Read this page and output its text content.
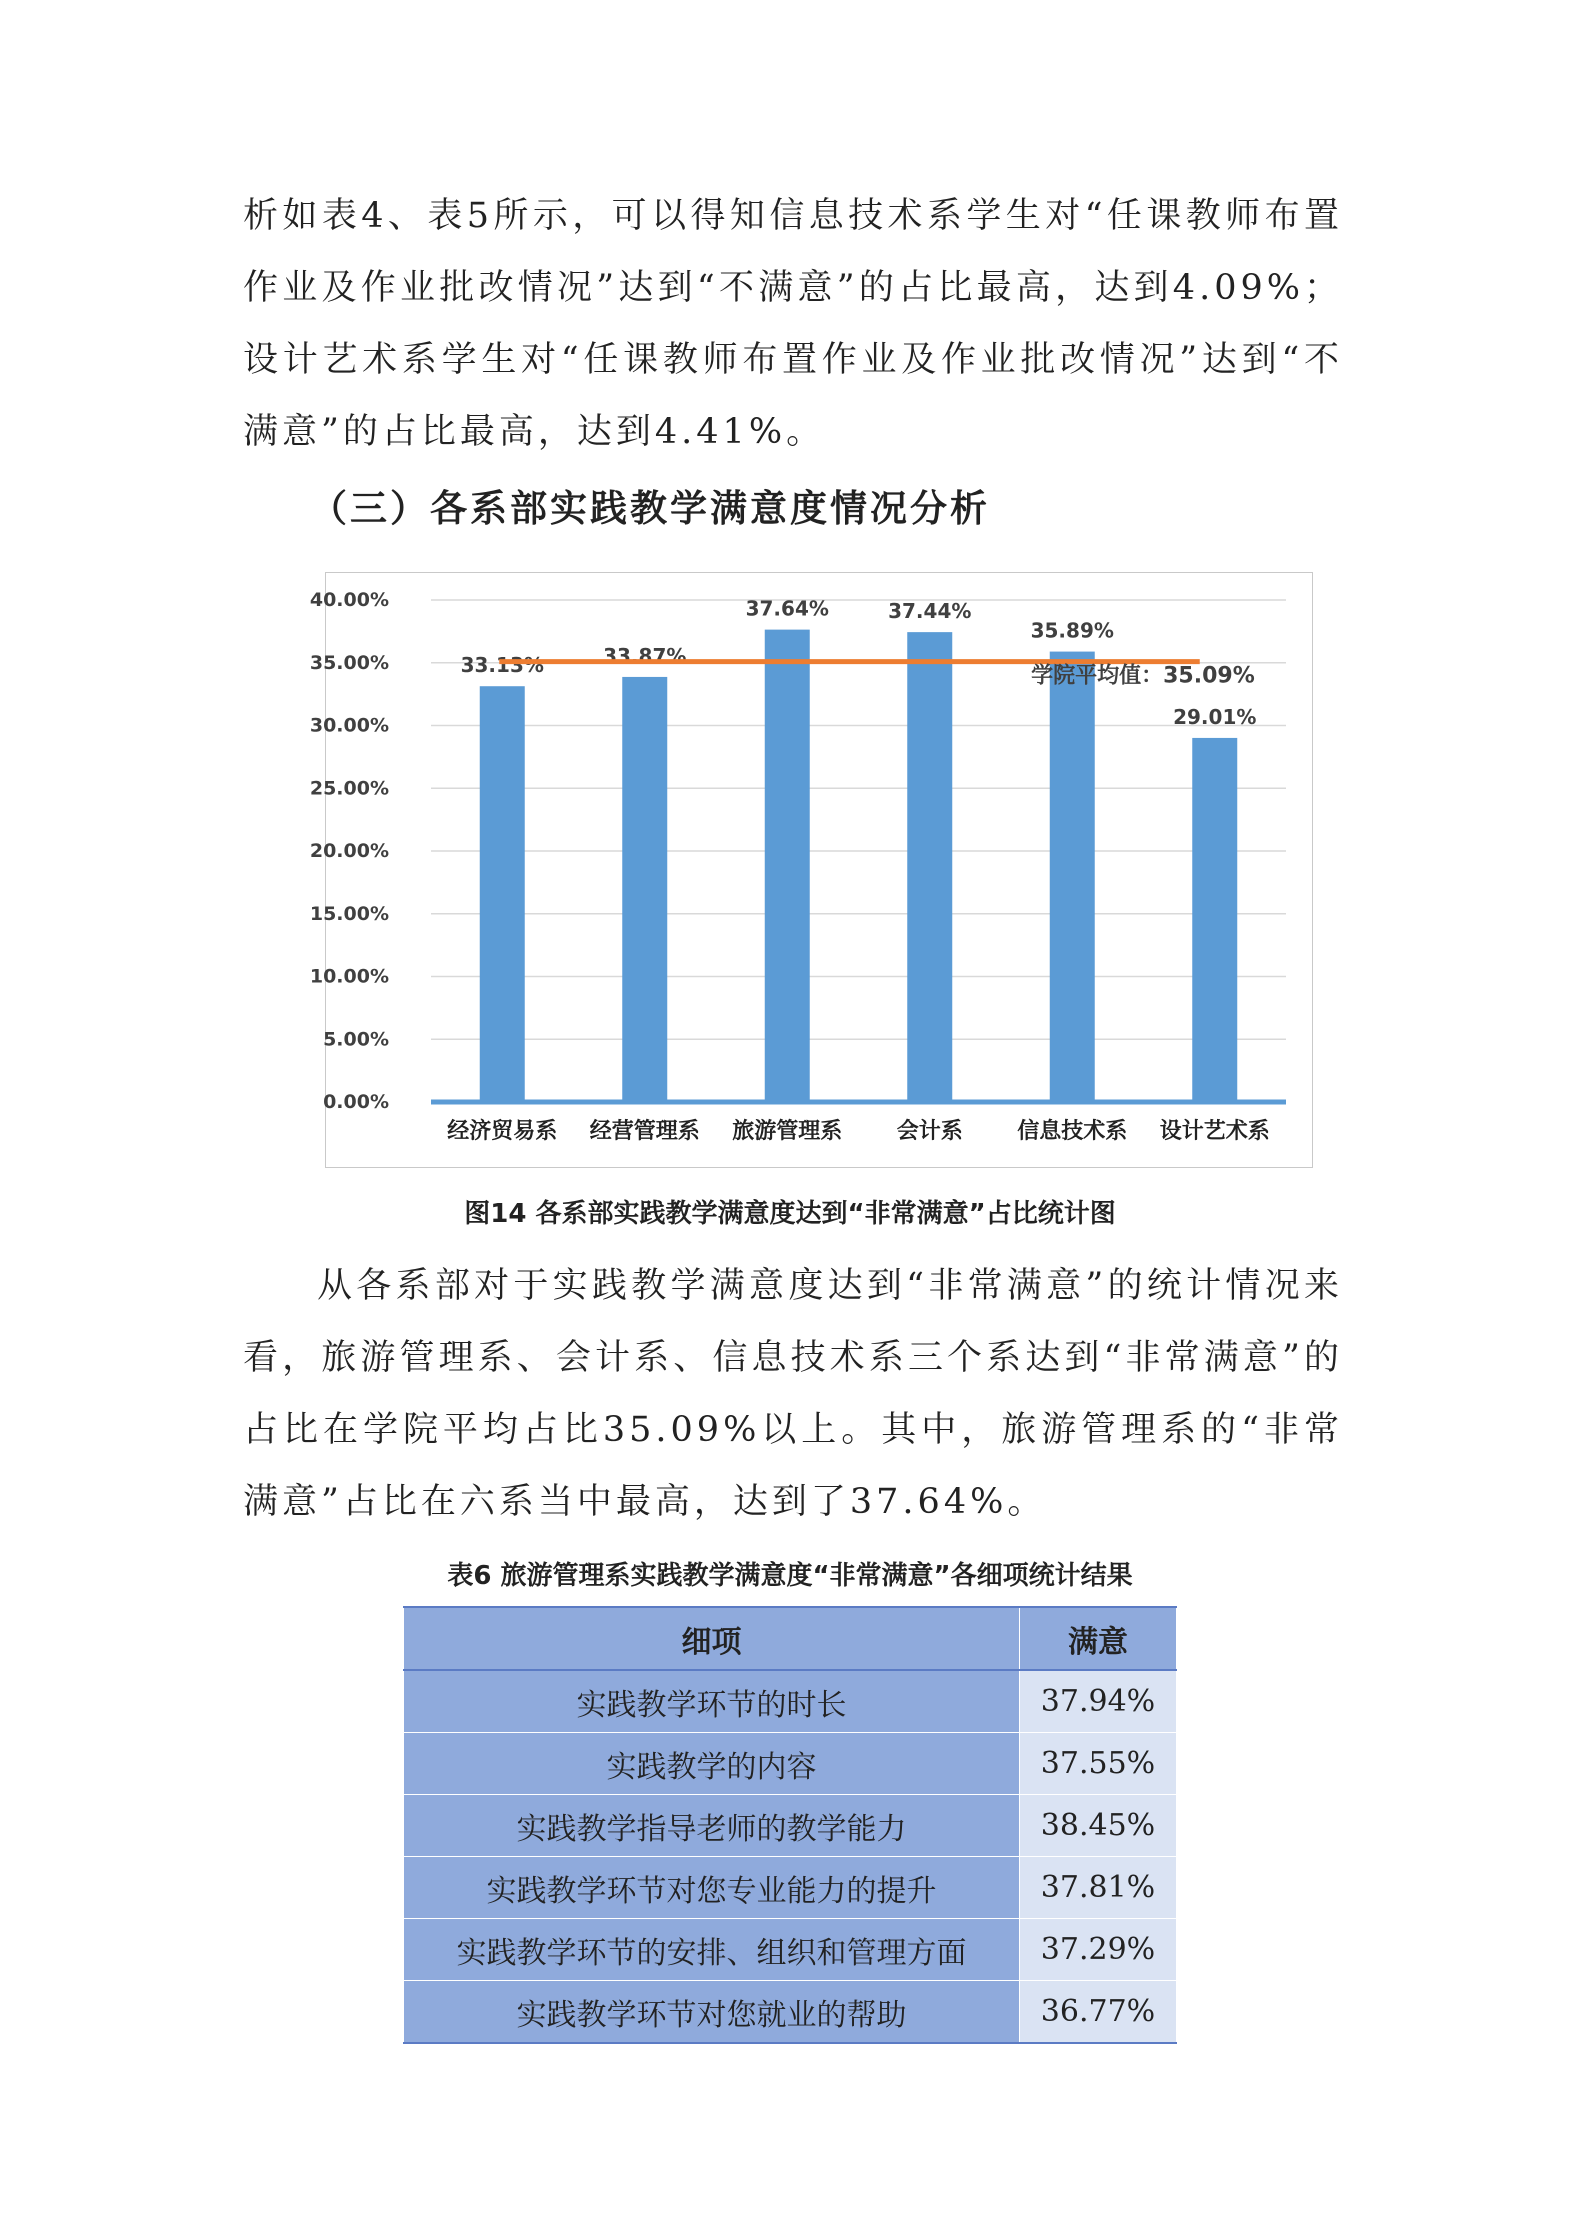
析如表4、表5所示，可以得知信息技术系学生对“任课教师布置作业及作业批改情况”达到“不满意”的占比最高，达到4.09%；设计艺术系学生对“任课教师布置作业及作业批改情况”达到“不满意”的占比最高，达到4.41%。

（三）各系部实践教学满意度情况分析
0.00%
5.00%
10.00%
15.00%
20.00%
25.00%
30.00%
35.00%
40.00%
33.13%
经济贸易系
33.87%
经营管理系
37.64%
旅游管理系
37.44%
会计系
35.89%
信息技术系
29.01%
设计艺术系
学院平均值：35.09%
图14 各系部实践教学满意度达到“非常满意”占比统计图
从各系部对于实践教学满意度达到“非常满意”的统计情况来看，旅游管理系、会计系、信息技术系三个系达到“非常满意”的占比在学院平均占比35.09%以上。其中，旅游管理系的“非常满意”占比在六系当中最高，达到了37.64%。
表6 旅游管理系实践教学满意度“非常满意”各细项统计结果
细项	满意
实践教学环节的时长	37.94%
实践教学的内容	37.55%
实践教学指导老师的教学能力	38.45%
实践教学环节对您专业能力的提升	37.81%
实践教学环节的安排、组织和管理方面	37.29%
实践教学环节对您就业的帮助	36.77%
